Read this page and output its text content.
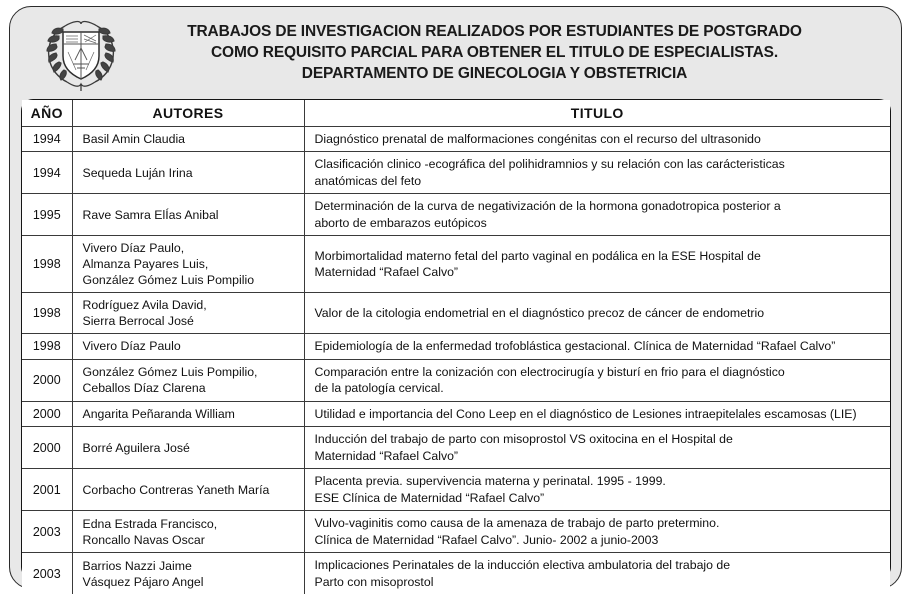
TRABAJOS DE INVESTIGACION REALIZADOS POR ESTUDIANTES DE POSTGRADO
COMO REQUISITO PARCIAL PARA OBTENER EL TITULO DE ESPECIALISTAS.
DEPARTAMENTO DE GINECOLOGIA Y OBSTETRICIA
AÑO	AUTORES	TITULO
1994	Basil Amin Claudia	Diagnóstico prenatal de malformaciones congénitas con el recurso del ultrasonido

1994	Sequeda Luján Irina	Clasificación clinico -ecográfica del polihidramnios y su relación con las carácteristicas
anatómicas del feto

1995	Rave Samra ElÍas Anibal	Determinación de la curva de negativización de la hormona gonadotropica posterior a
aborto de embarazos eutópicos

1998	Vivero Díaz Paulo,
Almanza Payares Luis,
González Gómez Luis Pompilio	Morbimortalidad materno fetal del parto vaginal en podálica en la ESE Hospital de
Maternidad “Rafael Calvo”

1998	Rodríguez Avila David,
Sierra Berrocal José	Valor de la citologia endometrial en el diagnóstico precoz de cáncer de endometrio

1998	Vivero Díaz Paulo	Epidemiología de la enfermedad trofoblástica gestacional. Clínica de Maternidad “Rafael Calvo”

2000	González Gómez Luis Pompilio,
Ceballos Díaz Clarena	Comparación entre la conización con electrocirugía y bisturí en frio para el diagnóstico
de la patología cervical.

2000	Angarita Peñaranda William	Utilidad e importancia del Cono Leep en el diagnóstico de Lesiones intraepitelales escamosas (LIE)

2000	Borré Aguilera José	Inducción del trabajo de parto con misoprostol VS oxitocina en el Hospital de
Maternidad “Rafael Calvo”

2001	Corbacho Contreras Yaneth María	Placenta previa. supervivencia materna y perinatal. 1995 - 1999.
ESE Clínica de Maternidad “Rafael Calvo”

2003	Edna Estrada Francisco,
Roncallo Navas Oscar	Vulvo-vaginitis como causa de la amenaza de trabajo de parto pretermino.
Clínica de Maternidad “Rafael Calvo”. Junio- 2002 a junio-2003

2003	Barrios Nazzi Jaime
Vásquez Pájaro Angel	Implicaciones Perinatales de la inducción electiva ambulatoria del trabajo de
Parto con misoprostol
